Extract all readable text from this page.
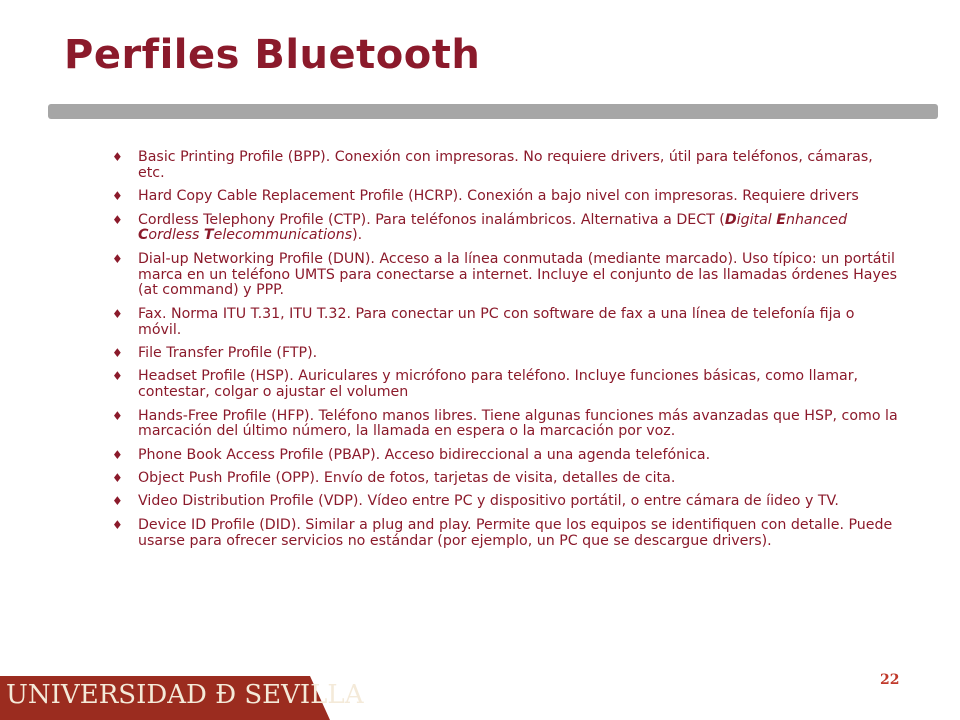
Perfiles Bluetooth
♦ Basic Printing Profile (BPP). Conexión con impresoras. No requiere drivers, útil para teléfonos, cámaras, etc.
♦ Hard Copy Cable Replacement Profile (HCRP). Conexión a bajo nivel con impresoras. Requiere drivers
♦ Cordless Telephony Profile (CTP). Para teléfonos inalámbricos. Alternativa a DECT (Digital Enhanced Cordless Telecommunications).
♦ Dial-up Networking Profile (DUN). Acceso a la línea conmutada (mediante marcado). Uso típico: un portátil marca en un teléfono UMTS para conectarse a internet. Incluye el conjunto de las llamadas órdenes Hayes (at command) y PPP.
♦ Fax. Norma ITU T.31, ITU T.32. Para conectar un PC con software de fax a una línea de telefonía fija o móvil.
♦ File Transfer Profile (FTP).
♦ Headset Profile (HSP). Auriculares y micrófono para teléfono. Incluye funciones básicas, como llamar, contestar, colgar o ajustar el volumen
♦ Hands-Free Profile (HFP). Teléfono manos libres. Tiene algunas funciones más avanzadas que HSP, como la marcación del último número, la llamada en espera o la marcación por voz.
♦ Phone Book Access Profile (PBAP). Acceso bidireccional a una agenda telefónica.
♦ Object Push Profile (OPP). Envío de fotos, tarjetas de visita, detalles de cita.
♦ Video Distribution Profile (VDP). Vídeo entre PC y dispositivo portátil, o entre cámara de íideo y TV.
♦ Device ID Profile (DID). Similar a plug and play. Permite que los equipos se identifiquen con detalle. Puede usarse para ofrecer servicios no estándar (por ejemplo, un PC que se descargue drivers).
22
UNIVERSIDAD Ð SEVILLA
